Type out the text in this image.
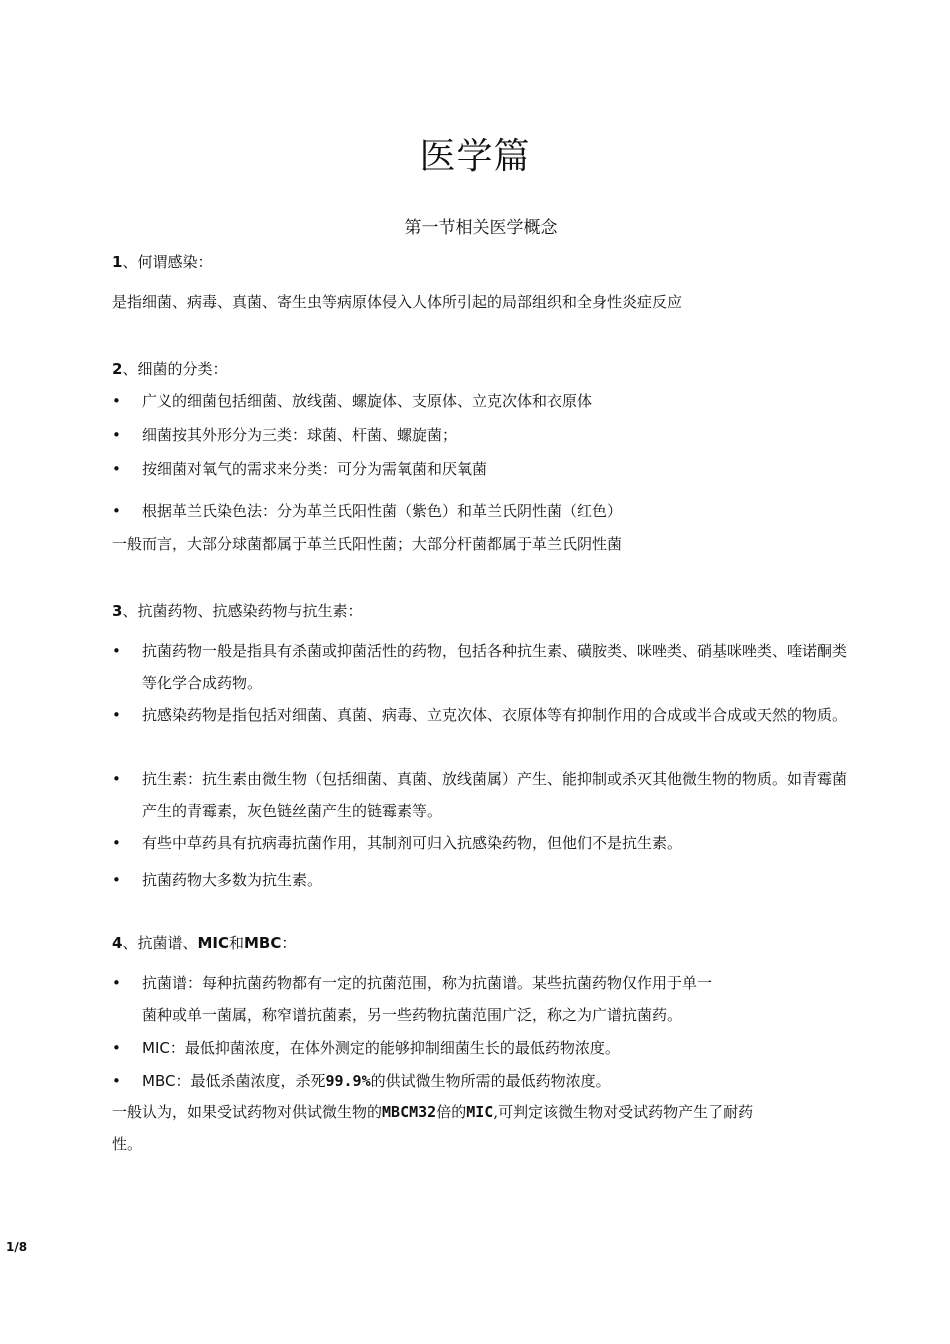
医学篇
第一节相关医学概念
1、何谓感染：
是指细菌、病毒、真菌、寄生虫等病原体侵入人体所引起的局部组织和全身性炎症反应
2、细菌的分类：
•	广义的细菌包括细菌、放线菌、螺旋体、支原体、立克次体和衣原体
•	细菌按其外形分为三类：球菌、杆菌、螺旋菌；
•	按细菌对氧气的需求来分类：可分为需氧菌和厌氧菌
•	根据革兰氏染色法：分为革兰氏阳性菌（紫色）和革兰氏阴性菌（红色）
一般而言，大部分球菌都属于革兰氏阳性菌；大部分杆菌都属于革兰氏阴性菌
3、抗菌药物、抗感染药物与抗生素：
•	抗菌药物一般是指具有杀菌或抑菌活性的药物，包括各种抗生素、磺胺类、咪唑类、硝基咪唑类、喹诺酮类等化学合成药物。
•	抗感染药物是指包括对细菌、真菌、病毒、立克次体、衣原体等有抑制作用的合成或半合成或天然的物质。
•	抗生素：抗生素由微生物（包括细菌、真菌、放线菌属）产生、能抑制或杀灭其他微生物的物质。如青霉菌产生的青霉素，灰色链丝菌产生的链霉素等。
•	有些中草药具有抗病毒抗菌作用，其制剂可归入抗感染药物，但他们不是抗生素。
•	抗菌药物大多数为抗生素。
4、抗菌谱、MIC和MBC：
•	抗菌谱：每种抗菌药物都有一定的抗菌范围，称为抗菌谱。某些抗菌药物仅作用于单一
菌种或单一菌属，称窄谱抗菌素，另一些药物抗菌范围广泛，称之为广谱抗菌药。
•	MIC：最低抑菌浓度，在体外测定的能够抑制细菌生长的最低药物浓度。
•	MBC：最低杀菌浓度，杀死99.9%的供试微生物所需的最低药物浓度。
一般认为，如果受试药物对供试微生物的MBCM32倍的MIC,可判定该微生物对受试药物产生了耐药
性。
1/8
